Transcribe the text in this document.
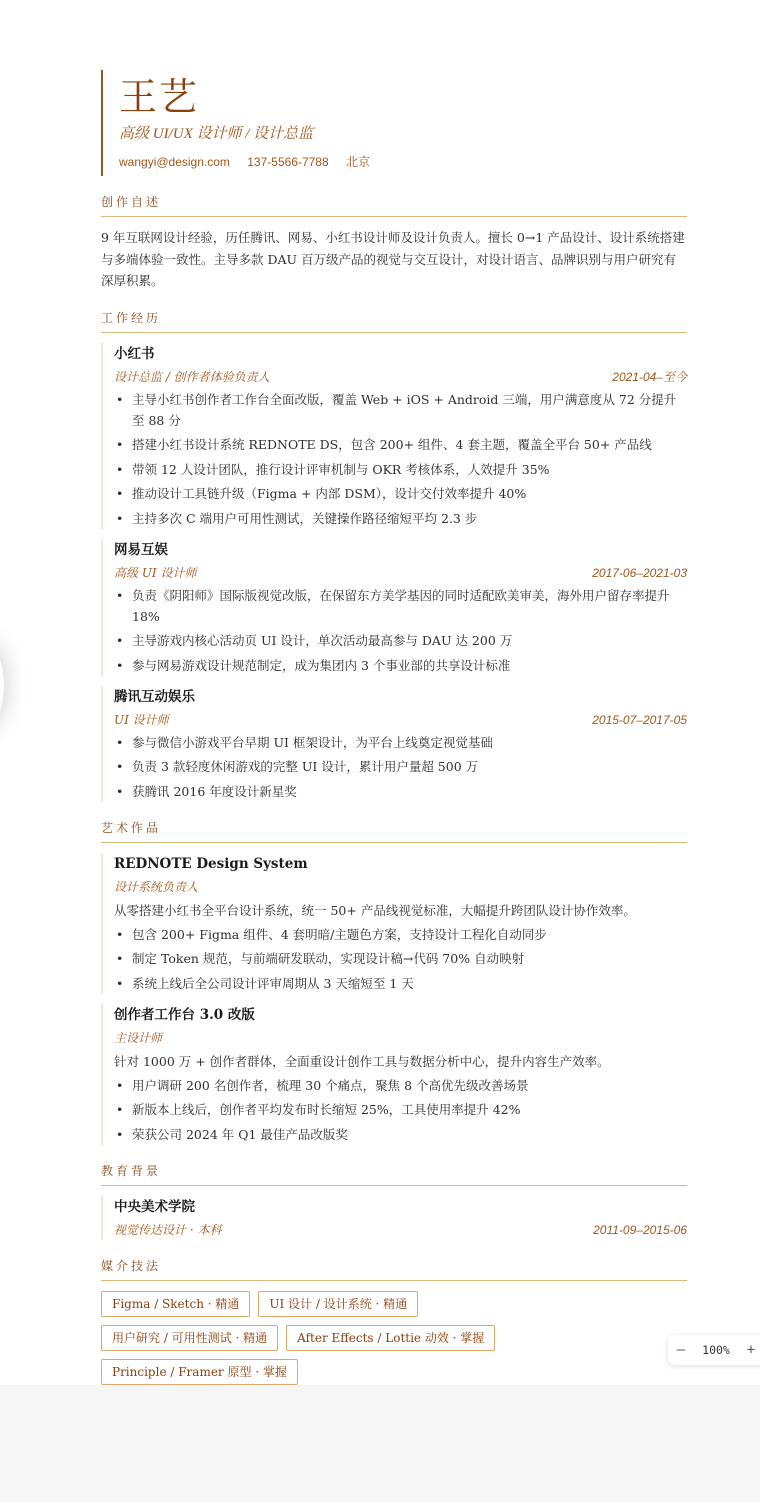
王艺
高级 UI/UX 设计师 / 设计总监
wangyi@design.com 137-5566-7788 北京
创作自述
9 年互联网设计经验，历任腾讯、网易、小红书设计师及设计负责人。擅长 0→1 产品设计、设计系统搭建与多端体验一致性。主导多款 DAU 百万级产品的视觉与交互设计，对设计语言、品牌识别与用户研究有深厚积累。
工作经历
小红书
设计总监 / 创作者体验负责人	2021-04–至今
• 主导小红书创作者工作台全面改版，覆盖 Web + iOS + Android 三端，用户满意度从 72 分提升至 88 分
• 搭建小红书设计系统 REDNOTE DS，包含 200+ 组件、4 套主题，覆盖全平台 50+ 产品线
• 带领 12 人设计团队，推行设计评审机制与 OKR 考核体系，人效提升 35%
• 推动设计工具链升级（Figma + 内部 DSM），设计交付效率提升 40%
• 主持多次 C 端用户可用性测试，关键操作路径缩短平均 2.3 步
网易互娱
高级 UI 设计师	2017-06–2021-03
• 负责《阴阳师》国际版视觉改版，在保留东方美学基因的同时适配欧美审美，海外用户留存率提升 18%
• 主导游戏内核心活动页 UI 设计，单次活动最高参与 DAU 达 200 万
• 参与网易游戏设计规范制定，成为集团内 3 个事业部的共享设计标准
腾讯互动娱乐
UI 设计师	2015-07–2017-05
• 参与微信小游戏平台早期 UI 框架设计，为平台上线奠定视觉基础
• 负责 3 款轻度休闲游戏的完整 UI 设计，累计用户量超 500 万
• 获腾讯 2016 年度设计新星奖
艺术作品
REDNOTE Design System
设计系统负责人
从零搭建小红书全平台设计系统，统一 50+ 产品线视觉标准，大幅提升跨团队设计协作效率。
• 包含 200+ Figma 组件、4 套明暗/主题色方案，支持设计工程化自动同步
• 制定 Token 规范，与前端研发联动，实现设计稿→代码 70% 自动映射
• 系统上线后全公司设计评审周期从 3 天缩短至 1 天
创作者工作台 3.0 改版
主设计师
针对 1000 万 + 创作者群体，全面重设计创作工具与数据分析中心，提升内容生产效率。
• 用户调研 200 名创作者，梳理 30 个痛点，聚焦 8 个高优先级改善场景
• 新版本上线后，创作者平均发布时长缩短 25%，工具使用率提升 42%
• 荣获公司 2024 年 Q1 最佳产品改版奖
教育背景
中央美术学院
视觉传达设计 · 本科	2011-09–2015-06
媒介技法
Figma / Sketch · 精通	UI 设计 / 设计系统 · 精通
用户研究 / 可用性测试 · 精通	After Effects / Lottie 动效 · 掌握
Principle / Framer 原型 · 掌握
—	100%	+
